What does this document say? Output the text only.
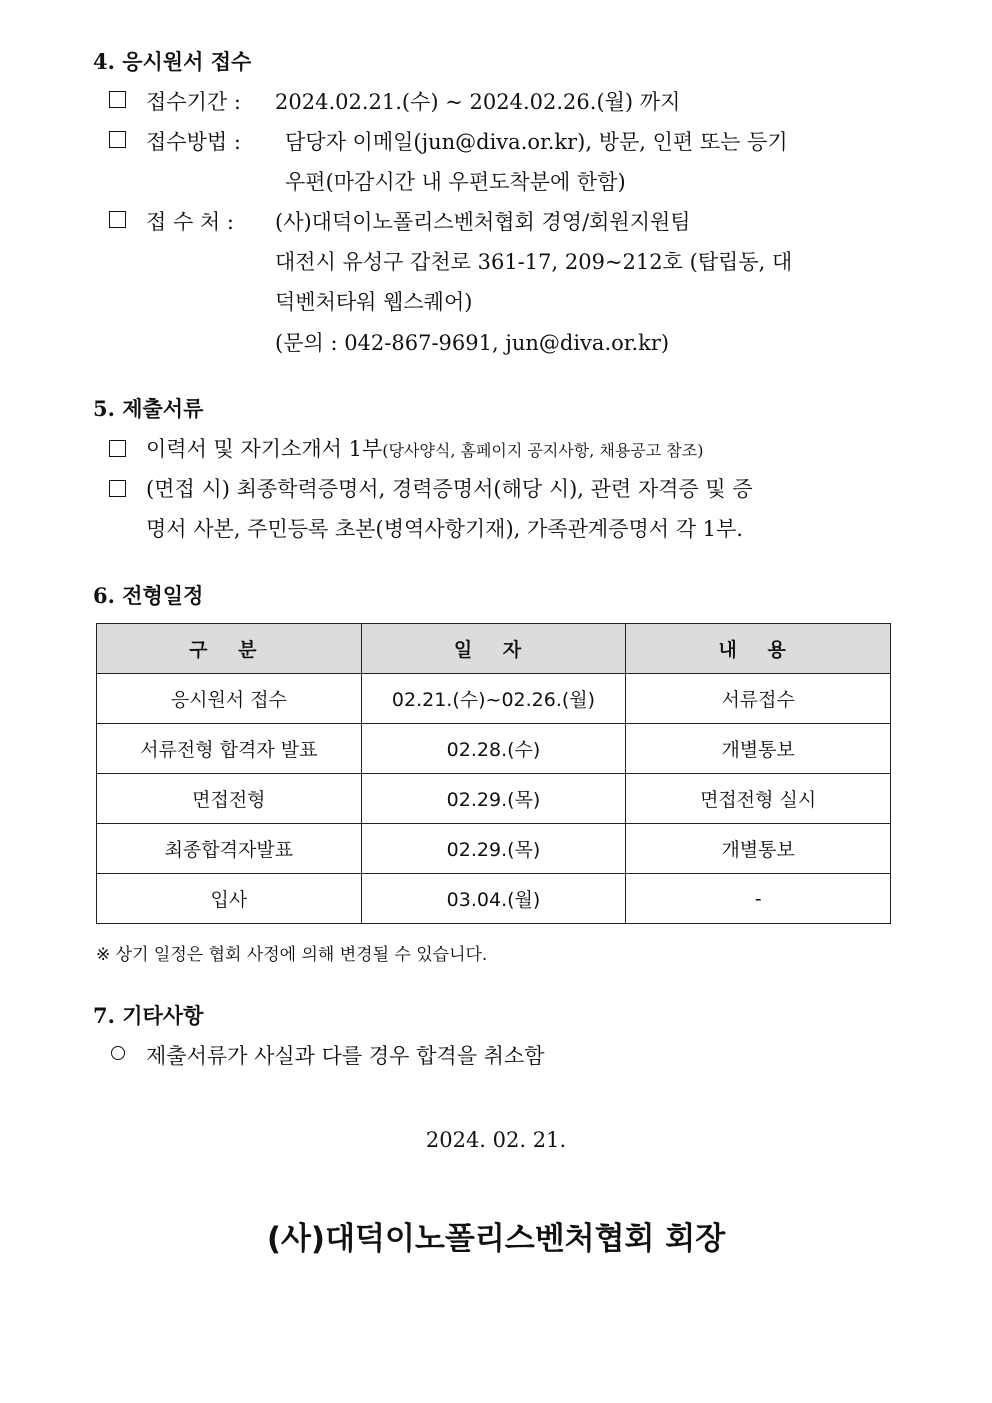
4. 응시원서 접수
접수기간 : 2024.02.21.(수) ~ 2024.02.26.(월) 까지
접수방법 : 담당자 이메일(jun@diva.or.kr), 방문, 인편 또는 등기
우편(마감시간 내 우편도착분에 한함)
접 수 처 : (사)대덕이노폴리스벤처협회 경영/회원지원팀
대전시 유성구 갑천로 361-17, 209~212호 (탑립동, 대
덕벤처타워 웹스퀘어)
(문의 : 042-867-9691, jun@diva.or.kr)
5. 제출서류
이력서 및 자기소개서 1부(당사양식, 홈페이지 공지사항, 채용공고 참조)
(면접 시) 최종학력증명서, 경력증명서(해당 시), 관련 자격증 및 증
명서 사본, 주민등록 초본(병역사항기재), 가족관계증명서 각 1부.
6. 전형일정
구 분	일 자	내 용
응시원서 접수	02.21.(수)~02.26.(월)	서류접수
서류전형 합격자 발표	02.28.(수)	개별통보
면접전형	02.29.(목)	면접전형 실시
최종합격자발표	02.29.(목)	개별통보
입사	03.04.(월)	-
※ 상기 일정은 협회 사정에 의해 변경될 수 있습니다.
7. 기타사항
제출서류가 사실과 다를 경우 합격을 취소함
2024. 02. 21.
(사)대덕이노폴리스벤처협회 회장
